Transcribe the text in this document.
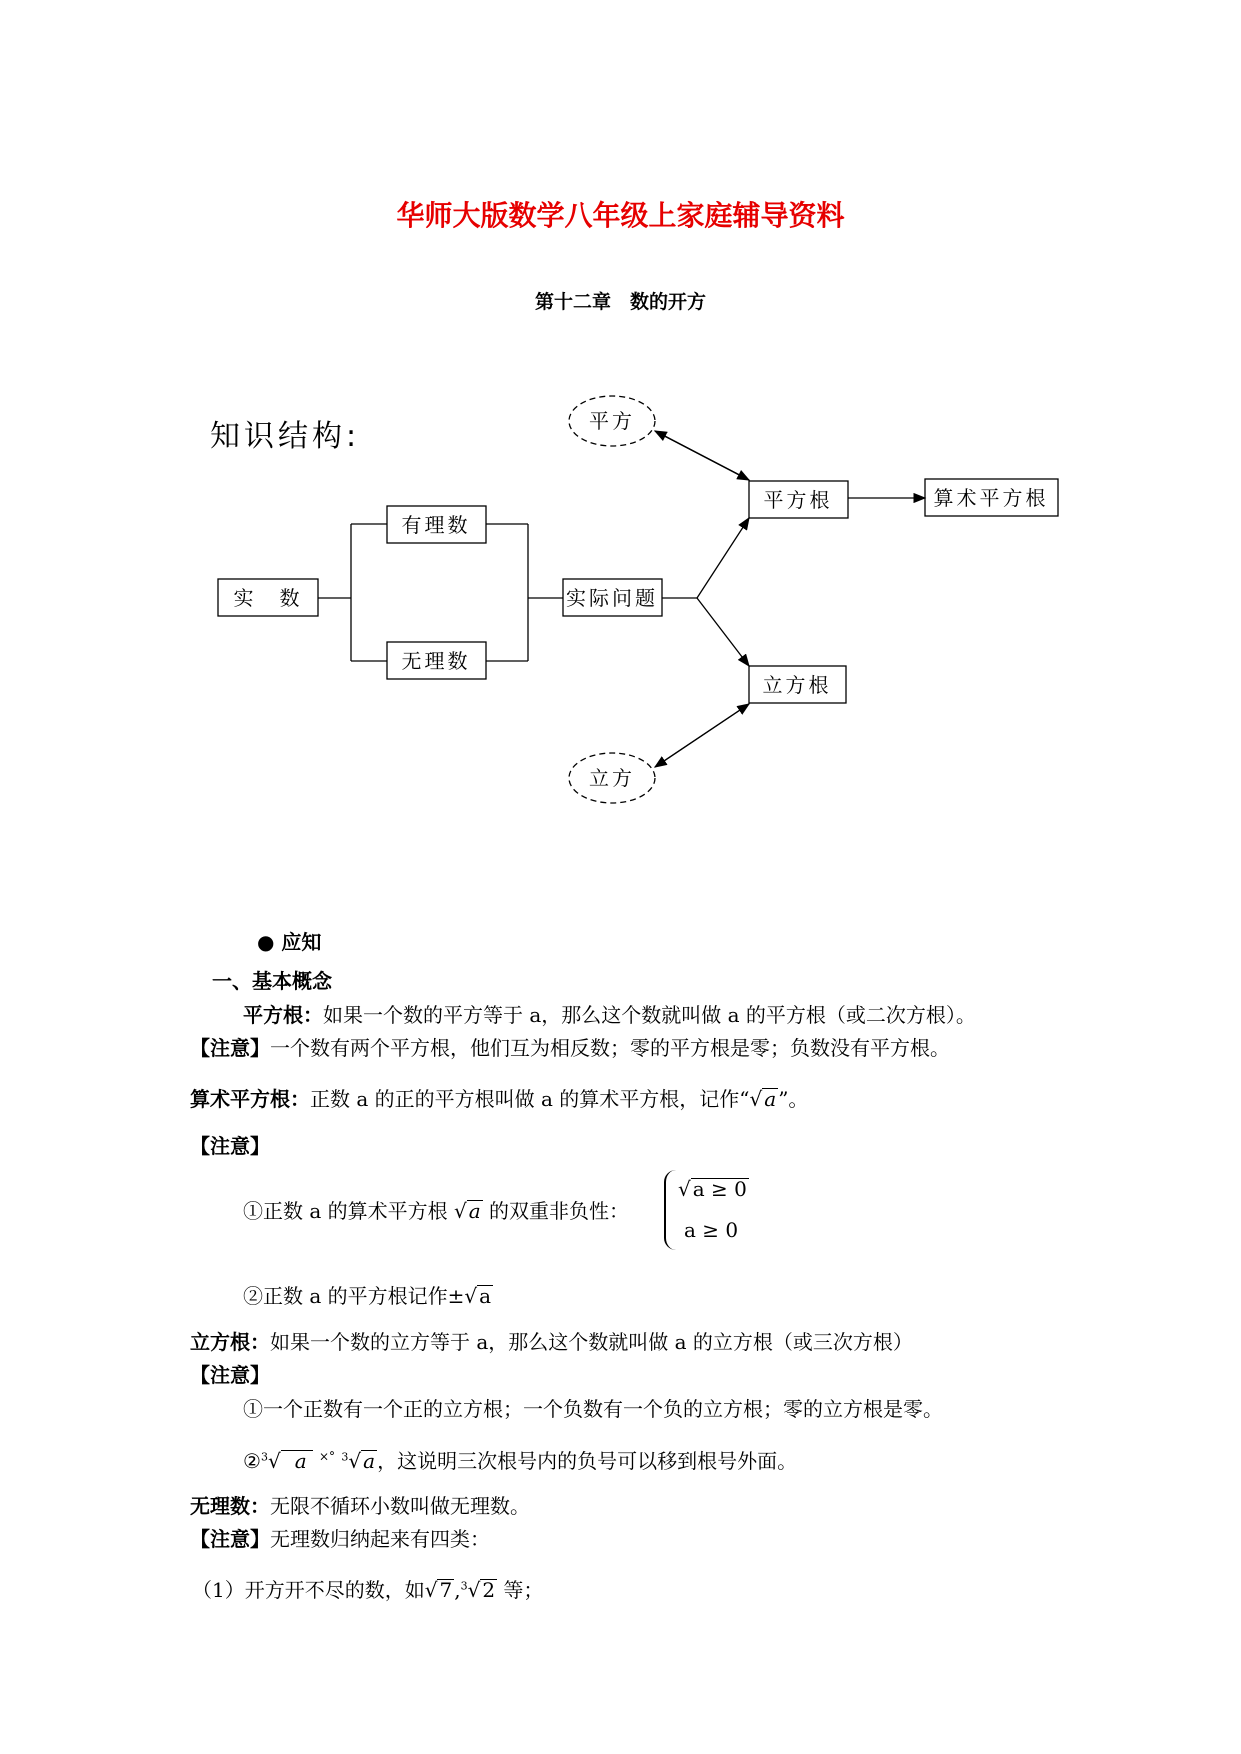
华师大版数学八年级上家庭辅导资料
第十二章　数的开方
知识结构:	平方
立方
平方根	算术平方根
有理数
实　数	实际问题
无理数
立方根
● 应知
一、基本概念
平方根：如果一个数的平方等于 a，那么这个数就叫做 a 的平方根（或二次方根）。
【注意】一个数有两个平方根，他们互为相反数；零的平方根是零；负数没有平方根。
算术平方根：正数 a 的正的平方根叫做 a 的算术平方根，记作“√ a ”。
【注意】
①正数 a 的算术平方根 √ a 的双重非负性：
√ a ≥ 0
a ≥ 0
②正数 a 的平方根记作±√ a
立方根：如果一个数的立方等于 a，那么这个数就叫做 a 的立方根（或三次方根）
【注意】
①一个正数有一个正的立方根；一个负数有一个负的立方根；零的立方根是零。
②$^3$√ a ×° $^3$√ a ，这说明三次根号内的负号可以移到根号外面。
无理数：无限不循环小数叫做无理数。
【注意】无理数归纳起来有四类：
（1）开方开不尽的数，如√ 7 ,$^3$√ 2 等；
